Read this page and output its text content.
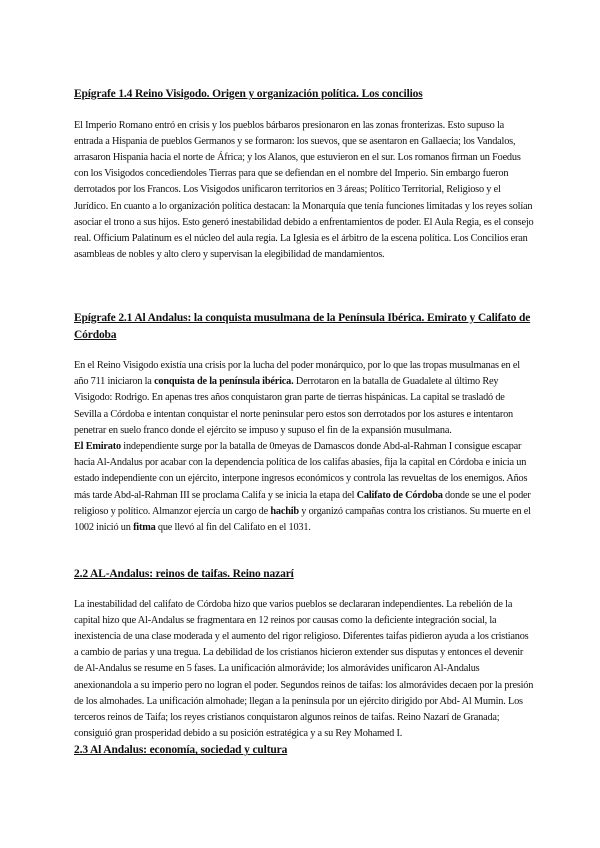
Epígrafe 1.4 Reino Visigodo. Origen y organización política. Los concilios

El Imperio Romano entró en crisis y los pueblos bárbaros presionaron en las zonas fronterizas. Esto supuso la entrada a Hispania de pueblos Germanos y se formaron: los suevos, que se asentaron en Gallaecia; los Vandalos, arrasaron Hispania hacia el norte de África; y los Alanos, que estuvieron en el sur. Los romanos firman un Foedus con los Visigodos concediendoles Tierras para que se defiendan en el nombre del Imperio. Sin embargo fueron derrotados por los Francos. Los Visigodos unificaron territorios en 3 áreas; Político Territorial, Religioso y el Jurídico. En cuanto a lo organización política destacan: la Monarquía que tenía funciones limitadas y los reyes solían asociar el trono a sus hijos. Esto generó inestabilidad debido a enfrentamientos de poder. El Aula Regia, es el consejo real. Officium Palatinum es el núcleo del aula regia. La Iglesia es el árbitro de la escena política. Los Concilios eran asambleas de nobles y alto clero y supervisan la elegibilidad de mandamientos.

Epígrafe 2.1 Al Andalus: la conquista musulmana de la Península Ibérica. Emirato y Califato de Córdoba

En el Reino Visigodo existía una crisis por la lucha del poder monárquico, por lo que las tropas musulmanas en el año 711 iniciaron la conquista de la península ibérica. Derrotaron en la batalla de Guadalete al último Rey Visigodo: Rodrigo. En apenas tres años conquistaron gran parte de tierras hispánicas. La capital se trasladó de Sevilla a Córdoba e intentan conquistar el norte peninsular pero estos son derrotados por los astures e intentaron penetrar en suelo franco donde el ejército se impuso y supuso el fin de la expansión musulmana.

El Emirato independiente surge por la batalla de 0meyas de Damascos donde Abd-al-Rahman I consigue escapar hacia Al-Andalus por acabar con la dependencia política de los califas abasíes, fija la capital en Córdoba e inicia un estado independiente con un ejército, interpone ingresos económicos y controla las revueltas de los enemigos. Años más tarde Abd-al-Rahman III se proclama Califa y se inicia la etapa del Califato de Córdoba donde se une el poder religioso y político. Almanzor ejercía un cargo de hachib y organizó campañas contra los cristianos. Su muerte en el 1002 inició un fitma que llevó al fin del Califato en el 1031.

2.2 AL-Andalus: reinos de taifas. Reino nazarí

La inestabilidad del califato de Córdoba hizo que varios pueblos se declararan independientes. La rebelión de la capital hizo que Al-Andalus se fragmentara en 12 reinos por causas como la deficiente integración social, la inexistencia de una clase moderada y el aumento del rigor religioso. Diferentes taifas pidieron ayuda a los cristianos a cambio de parias y una tregua. La debilidad de los cristianos hicieron extender sus disputas y entonces el devenir de Al-Andalus se resume en 5 fases. La unificación almorávide; los almorávides unificaron Al-Andalus anexionandola a su imperio pero no logran el poder. Segundos reinos de taifas: los almorávides decaen por la presión de los almohades. La unificación almohade; llegan a la península por un ejército dirigido por Abd- Al Mumin. Los terceros reinos de Taifa; los reyes cristianos conquistaron algunos reinos de taifas. Reino Nazarí de Granada; consiguió gran prosperidad debido a su posición estratégica y a su Rey Mohamed I.

2.3 Al Andalus: economía, sociedad y cultura
